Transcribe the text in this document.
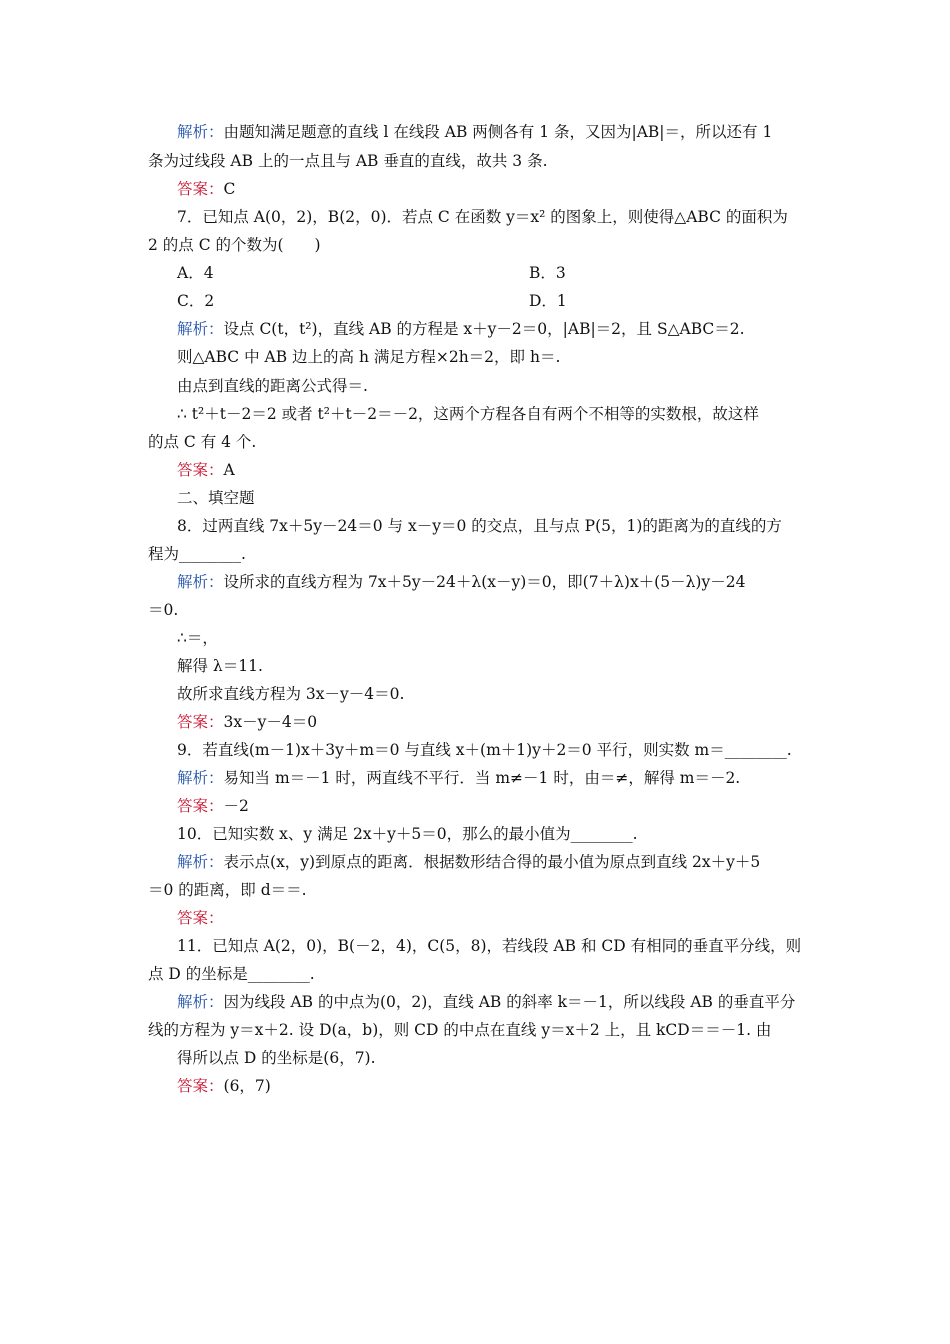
解析：由题知满足题意的直线 l 在线段 AB 两侧各有 1 条，又因为|AB|＝，所以还有 1
条为过线段 AB 上的一点且与 AB 垂直的直线，故共 3 条.
答案：C
7．已知点 A(0，2)，B(2，0)．若点 C 在函数 y＝x² 的图象上，则使得△ABC 的面积为
2 的点 C 的个数为(　　)
解析：设点 C(t，t²)，直线 AB 的方程是 x＋y－2＝0，|AB|＝2，且 S△ABC＝2.
则△ABC 中 AB 边上的高 h 满足方程×2h＝2，即 h＝.
由点到直线的距离公式得＝.
∴ t²＋t－2＝2 或者 t²＋t－2＝－2，这两个方程各自有两个不相等的实数根，故这样
的点 C 有 4 个.
答案：A
二、填空题
8．过两直线 7x＋5y－24＝0 与 x－y＝0 的交点，且与点 P(5，1)的距离为的直线的方
程为________.
解析：设所求的直线方程为 7x＋5y－24＋λ(x－y)＝0，即(7＋λ)x＋(5－λ)y－24
＝0.
∴＝，
解得 λ＝11.
故所求直线方程为 3x－y－4＝0.
答案：3x－y－4＝0
9．若直线(m－1)x＋3y＋m＝0 与直线 x＋(m＋1)y＋2＝0 平行，则实数 m＝________.
解析：易知当 m＝－1 时，两直线不平行．当 m≠－1 时，由＝≠，解得 m＝－2.
答案：－2
10．已知实数 x、y 满足 2x＋y＋5＝0，那么的最小值为________.
解析：表示点(x，y)到原点的距离．根据数形结合得的最小值为原点到直线 2x＋y＋5
＝0 的距离，即 d＝＝.
答案：
11．已知点 A(2，0)，B(－2，4)，C(5，8)，若线段 AB 和 CD 有相同的垂直平分线，则
点 D 的坐标是________.
解析：因为线段 AB 的中点为(0，2)，直线 AB 的斜率 k＝－1，所以线段 AB 的垂直平分
线的方程为 y＝x＋2. 设 D(a，b)，则 CD 的中点在直线 y＝x＋2 上，且 kCD＝＝－1. 由
得所以点 D 的坐标是(6，7).
答案：(6，7)
A．4	B．3
C．2	D．1
